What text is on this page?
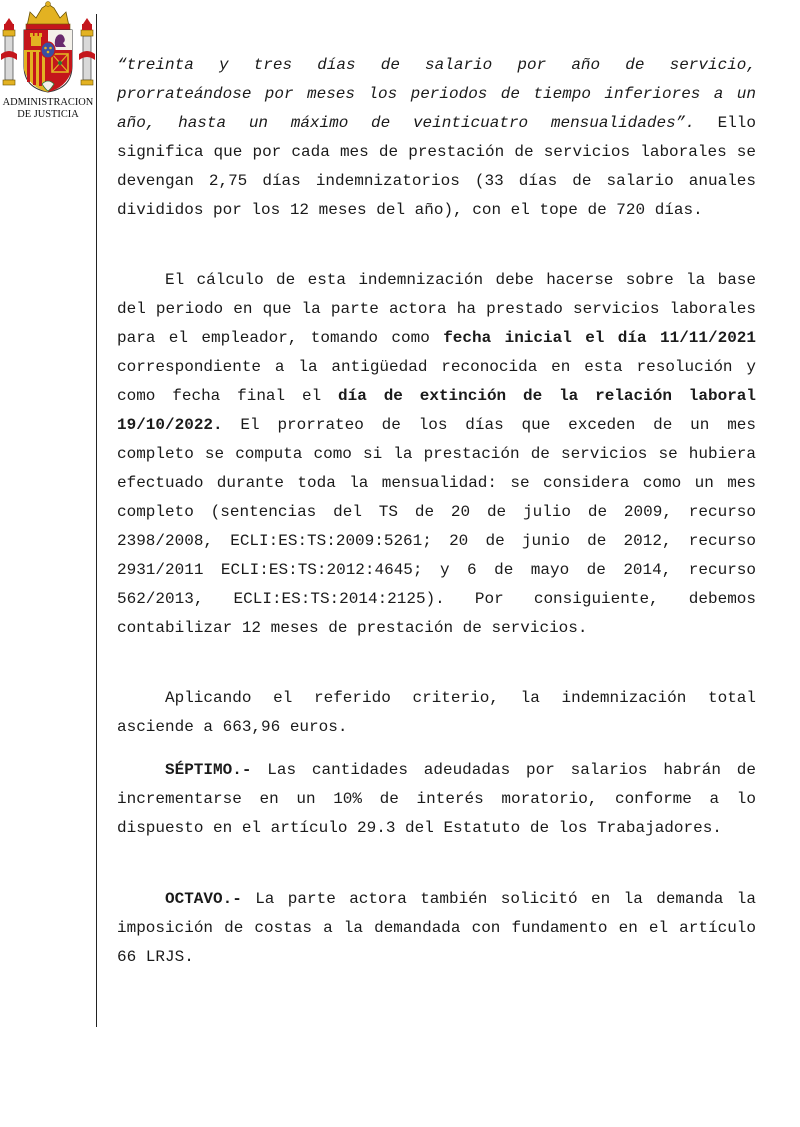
ADMINISTRACION
DE JUSTICIA

“treinta y tres días de salario por año de servicio, prorrateándose por meses los periodos de tiempo inferiores a un año, hasta un máximo de veinticuatro mensualidades”. Ello significa que por cada mes de prestación de servicios laborales se devengan 2,75 días indemnizatorios (33 días de salario anuales divididos por los 12 meses del año), con el tope de 720 días.

El cálculo de esta indemnización debe hacerse sobre la base del periodo en que la parte actora ha prestado servicios laborales para el empleador, tomando como fecha inicial el día 11/11/2021 correspondiente a la antigüedad reconocida en esta resolución y como fecha final el día de extinción de la relación laboral 19/10/2022. El prorrateo de los días que exceden de un mes completo se computa como si la prestación de servicios se hubiera efectuado durante toda la mensualidad: se considera como un mes completo (sentencias del TS de 20 de julio de 2009, recurso 2398/2008, ECLI:ES:TS:2009:5261; 20 de junio de 2012, recurso 2931/2011 ECLI:ES:TS:2012:4645; y 6 de mayo de 2014, recurso 562/2013, ECLI:ES:TS:2014:2125). Por consiguiente, debemos contabilizar 12 meses de prestación de servicios.

Aplicando el referido criterio, la indemnización total asciende a 663,96 euros.

SÉPTIMO.- Las cantidades adeudadas por salarios habrán de incrementarse en un 10% de interés moratorio, conforme a lo dispuesto en el artículo 29.3 del Estatuto de los Trabajadores.

OCTAVO.- La parte actora también solicitó en la demanda la imposición de costas a la demandada con fundamento en el artículo 66 LRJS.
